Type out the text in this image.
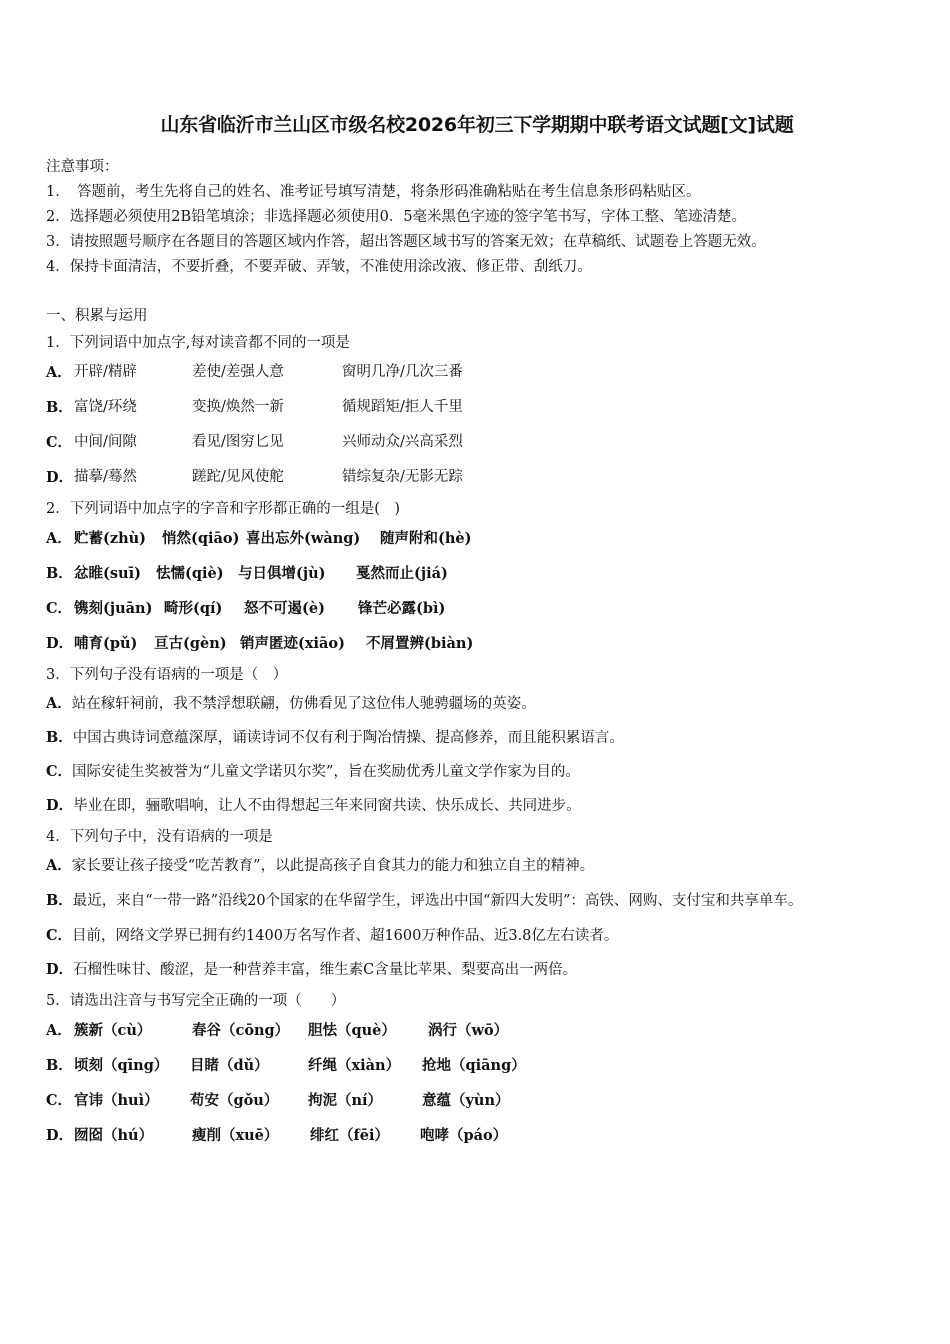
山东省临沂市兰山区市级名校2026年初三下学期期中联考语文试题[文]试题
注意事项：
1．　答题前，考生先将自己的姓名、准考证号填写清楚，将条形码准确粘贴在考生信息条形码粘贴区。
2．选择题必须使用2B铅笔填涂；非选择题必须使用0．5毫米黑色字迹的签字笔书写，字体工整、笔迹清楚。
3．请按照题号顺序在各题目的答题区域内作答，超出答题区域书写的答案无效；在草稿纸、试题卷上答题无效。
4．保持卡面清洁，不要折叠，不要弄破、弄皱，不准使用涂改液、修正带、刮纸刀。
一、积累与运用
1．下列词语中加点字,每对读音都不同的一项是
A． 开辟/精辟	差使/差强人意	窗明几净/几次三番
B． 富饶/环绕	变换/焕然一新	循规蹈矩/拒人千里
C． 中间/间隙	看见/图穷匕见	兴师动众/兴高采烈
D． 描摹/蓦然	蹉跎/见风使舵	错综复杂/无影无踪
2．下列词语中加点字的字音和字形都正确的一组是(　)
A． 贮蓄(zhù) 悄然(qiāo) 喜出忘外(wàng) 随声附和(hè)
B． 忿睢(suī) 怯懦(qiè) 与日俱增(jù) 戛然而止(jiá)
C． 镌刻(juān) 畸形(qí) 怒不可遏(è) 锋芒必露(bì)
D． 哺育(pǔ) 亘古(gèn) 销声匿迹(xiāo) 不屑置辨(biàn)
3．下列句子没有语病的一项是（　）
A．站在稼轩祠前，我不禁浮想联翩，仿佛看见了这位伟人驰骋疆场的英姿。
B．中国古典诗词意蕴深厚，诵读诗词不仅有利于陶冶情操、提高修养，而且能积累语言。
C．国际安徒生奖被誉为“儿童文学诺贝尔奖”，旨在奖励优秀儿童文学作家为目的。
D．毕业在即，骊歌唱响，让人不由得想起三年来同窗共读、快乐成长、共同进步。
4．下列句子中，没有语病的一项是
A．家长要让孩子接受“吃苦教育”，以此提高孩子自食其力的能力和独立自主的精神。
B．最近，来自“一带一路”沿线20个国家的在华留学生，评选出中国“新四大发明”：高铁、网购、支付宝和共享单车。
C．目前，网络文学界已拥有约1400万名写作者、超1600万种作品、近3.8亿左右读者。
D．石榴性味甘、酸涩，是一种营养丰富，维生素C含量比苹果、梨要高出一两倍。
5．请选出注音与书写完全正确的一项（　　）
A． 簇新（cù）	春谷（cōng） 胆怯（què） 涡行（wō）
B． 顷刻（qīng） 目睹（dǔ）	纤绳（xiàn） 抢地（qiāng）
C． 官讳（huì） 苟安（gǒu） 拘泥（ní）	意蕴（yùn）
D． 囫囵（hú）	瘦削（xuē） 绯红（fēi） 咆哮（páo）
